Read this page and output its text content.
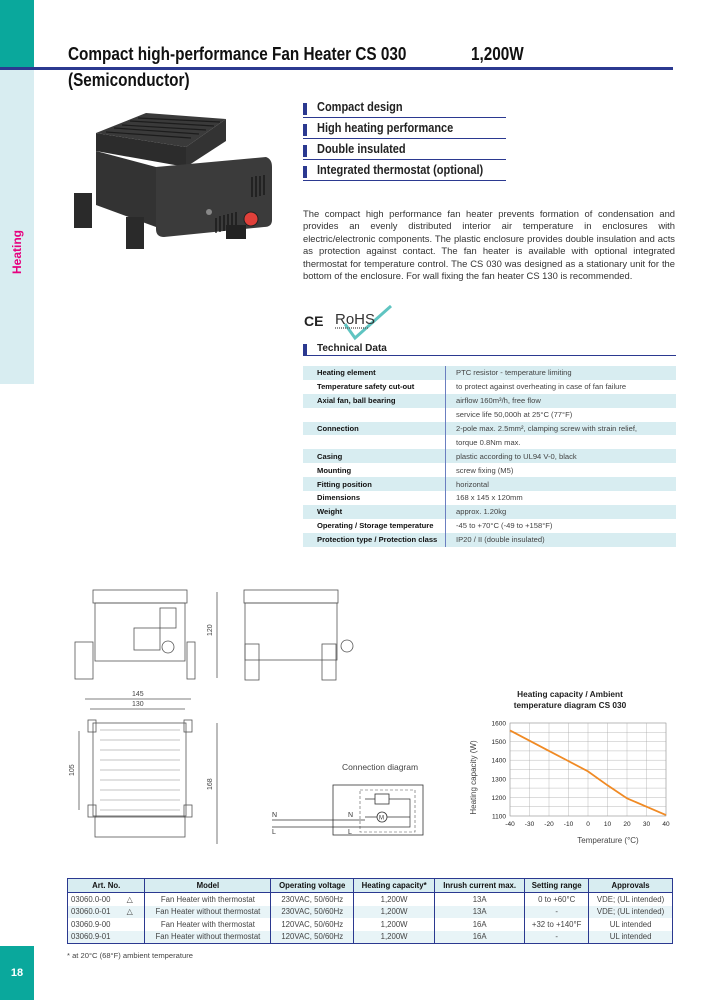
Heating
18
Compact high-performance Fan Heater CS 030	1,200W
(Semiconductor)
Compact design
High heating performance
Double insulated
Integrated thermostat (optional)
The compact high performance fan heater prevents formation of condensation and provides an evenly distributed interior air temperature in enclosures with electric/electronic components. The plastic enclosure provides double insulation and acts as protection against contact. The fan heater is available with optional integrated thermostat for temperature control. The CS 030 was designed as a stationary unit for the bottom of the enclosure. For wall fixing the fan heater CS 130 is recommended.
CE RoHS
Technical Data
Heating element	PTC resistor - temperature limiting
Temperature safety cut-out	to protect against overheating in case of fan failure
Axial fan, ball bearing	airflow 160m³/h, free flow
	service life 50,000h at 25°C (77°F)
Connection	2-pole max. 2.5mm², clamping screw with strain relief,
	torque 0.8Nm max.
Casing	plastic according to UL94 V-0, black
Mounting	screw fixing (M5)
Fitting position	horizontal
Dimensions	168 x 145 x 120mm
Weight	approx. 1.20kg
Operating / Storage temperature	-45 to +70°C (-49 to +158°F)
Protection type / Protection class	IP20 / II (double insulated)
120
145
130
105
168
Connection diagram
N
L
N
L
M
Heating capacity / Ambient temperature diagram CS 030
1100
1200
1300
1400
1500
1600
-40 -30 -20 -10 0 10 20 30 40
Temperature (°C)
Heating capacity (W)
Art. No.	Model	Operating voltage	Heating capacity*	Inrush current max.	Setting range	Approvals
03060.0-00 △	Fan Heater with thermostat	230VAC, 50/60Hz	1,200W	13A	0 to +60°C	VDE; (UL intended)
03060.0-01 △	Fan Heater without thermostat	230VAC, 50/60Hz	1,200W	13A	-	VDE; (UL intended)
03060.9-00	Fan Heater with thermostat	120VAC, 50/60Hz	1,200W	16A	+32 to +140°F	UL intended
03060.9-01	Fan Heater without thermostat	120VAC, 50/60Hz	1,200W	16A	-	UL intended
* at 20°C (68°F) ambient temperature
